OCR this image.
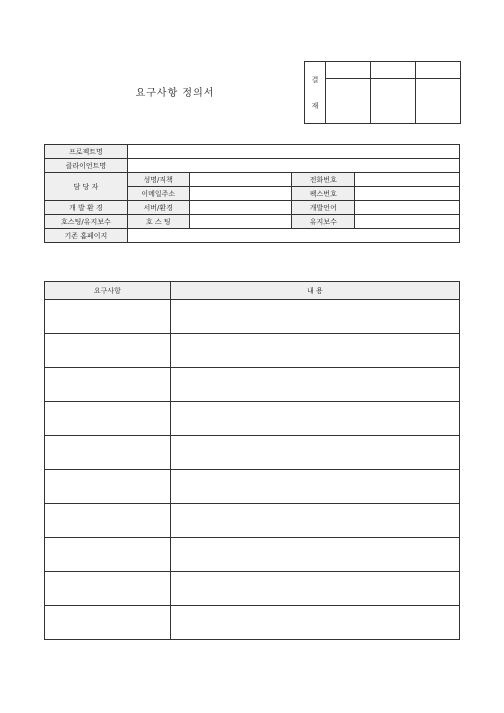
요구사항 정의서
결
재			

프로젝트명				
클라이언트명				
담 당 자	성명/직책		전화번호	
	이메일주소		팩스번호	
개 발 환 경	서버/환경		개발언어	
호스팅/유지보수	호 스 팅		유지보수	
기존 홈페이지				
요구사항	내 용
